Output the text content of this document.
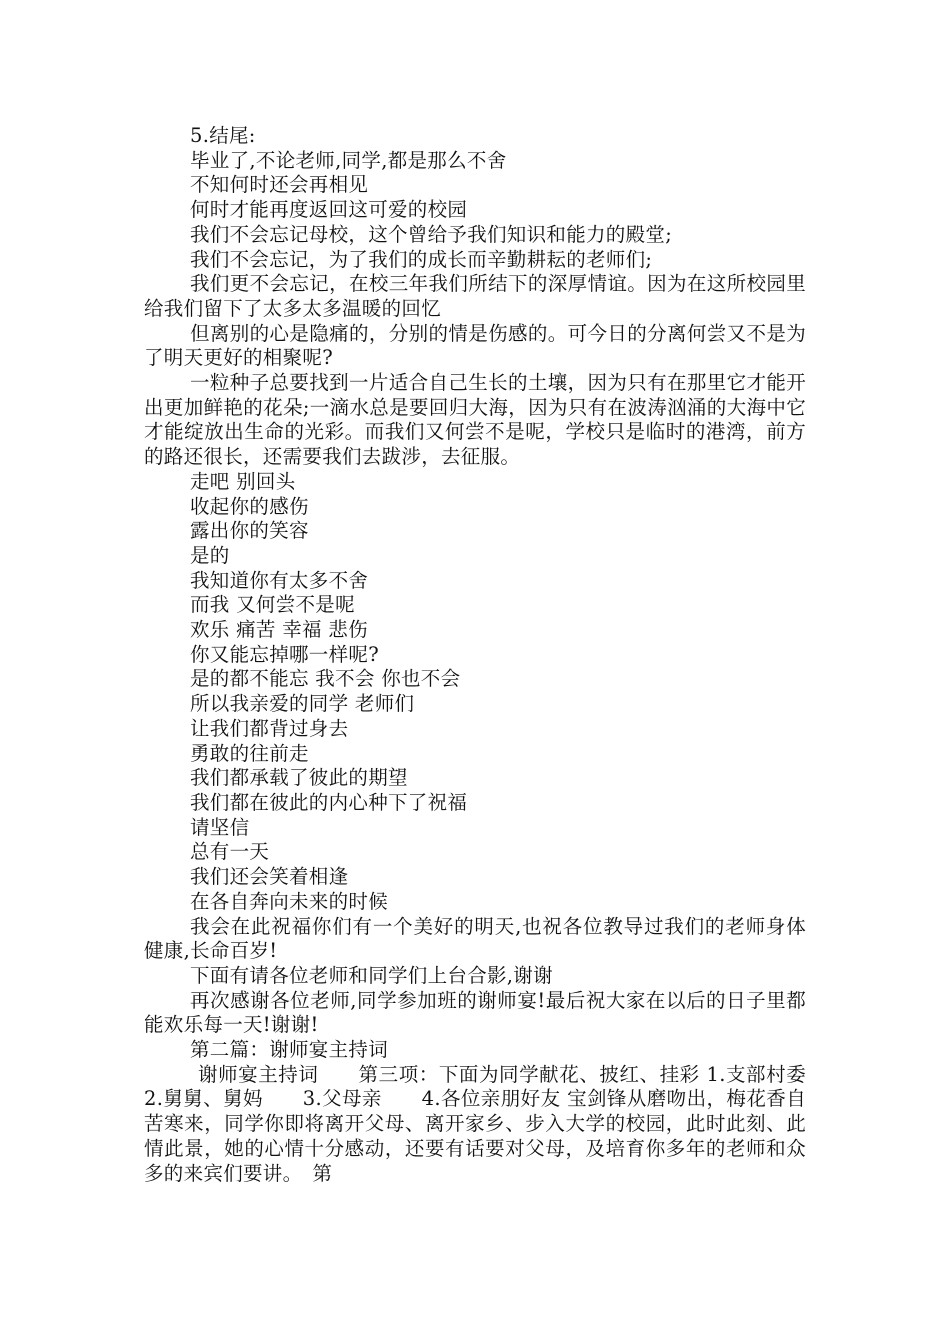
5.结尾:

毕业了,不论老师,同学,都是那么不舍

不知何时还会再相见

何时才能再度返回这可爱的校园

我们不会忘记母校，这个曾给予我们知识和能力的殿堂;

我们不会忘记，为了我们的成长而辛勤耕耘的老师们;

我们更不会忘记，在校三年我们所结下的深厚情谊。因为在这所校园里 给我们留下了太多太多温暖的回忆

但离别的心是隐痛的，分别的情是伤感的。可今日的分离何尝又不是为了明天更好的相聚呢?

一粒种子总要找到一片适合自己生长的土壤，因为只有在那里它才能开出更加鲜艳的花朵;一滴水总是要回归大海，因为只有在波涛汹涌的大海中它才能绽放出生命的光彩。而我们又何尝不是呢，学校只是临时的港湾，前方的路还很长，还需要我们去跋涉，去征服。

走吧 别回头

收起你的感伤

露出你的笑容

是的

我知道你有太多不舍

而我 又何尝不是呢

欢乐 痛苦 幸福 悲伤

你又能忘掉哪一样呢?

是的都不能忘 我不会 你也不会

所以我亲爱的同学 老师们

让我们都背过身去

勇敢的往前走

我们都承载了彼此的期望

我们都在彼此的内心种下了祝福

请坚信

总有一天

我们还会笑着相逢

在各自奔向未来的时候

我会在此祝福你们有一个美好的明天,也祝各位教导过我们的老师身体健康,长命百岁!

下面有请各位老师和同学们上台合影,谢谢

再次感谢各位老师,同学参加班的谢师宴!最后祝大家在以后的日子里都能欢乐每一天!谢谢!

第二篇：谢师宴主持词

谢师宴主持词　　第三项：下面为同学献花、披红、挂彩 1.支部村委　　2.舅舅、舅妈　　3.父母亲　　4.各位亲朋好友 宝剑锋从磨吻出，梅花香自苦寒来，同学你即将离开父母、离开家乡、步入大学的校园，此时此刻、此情此景，她的心情十分感动，还要有话要对父母，及培育你多年的老师和众多的来宾们要讲。　第
